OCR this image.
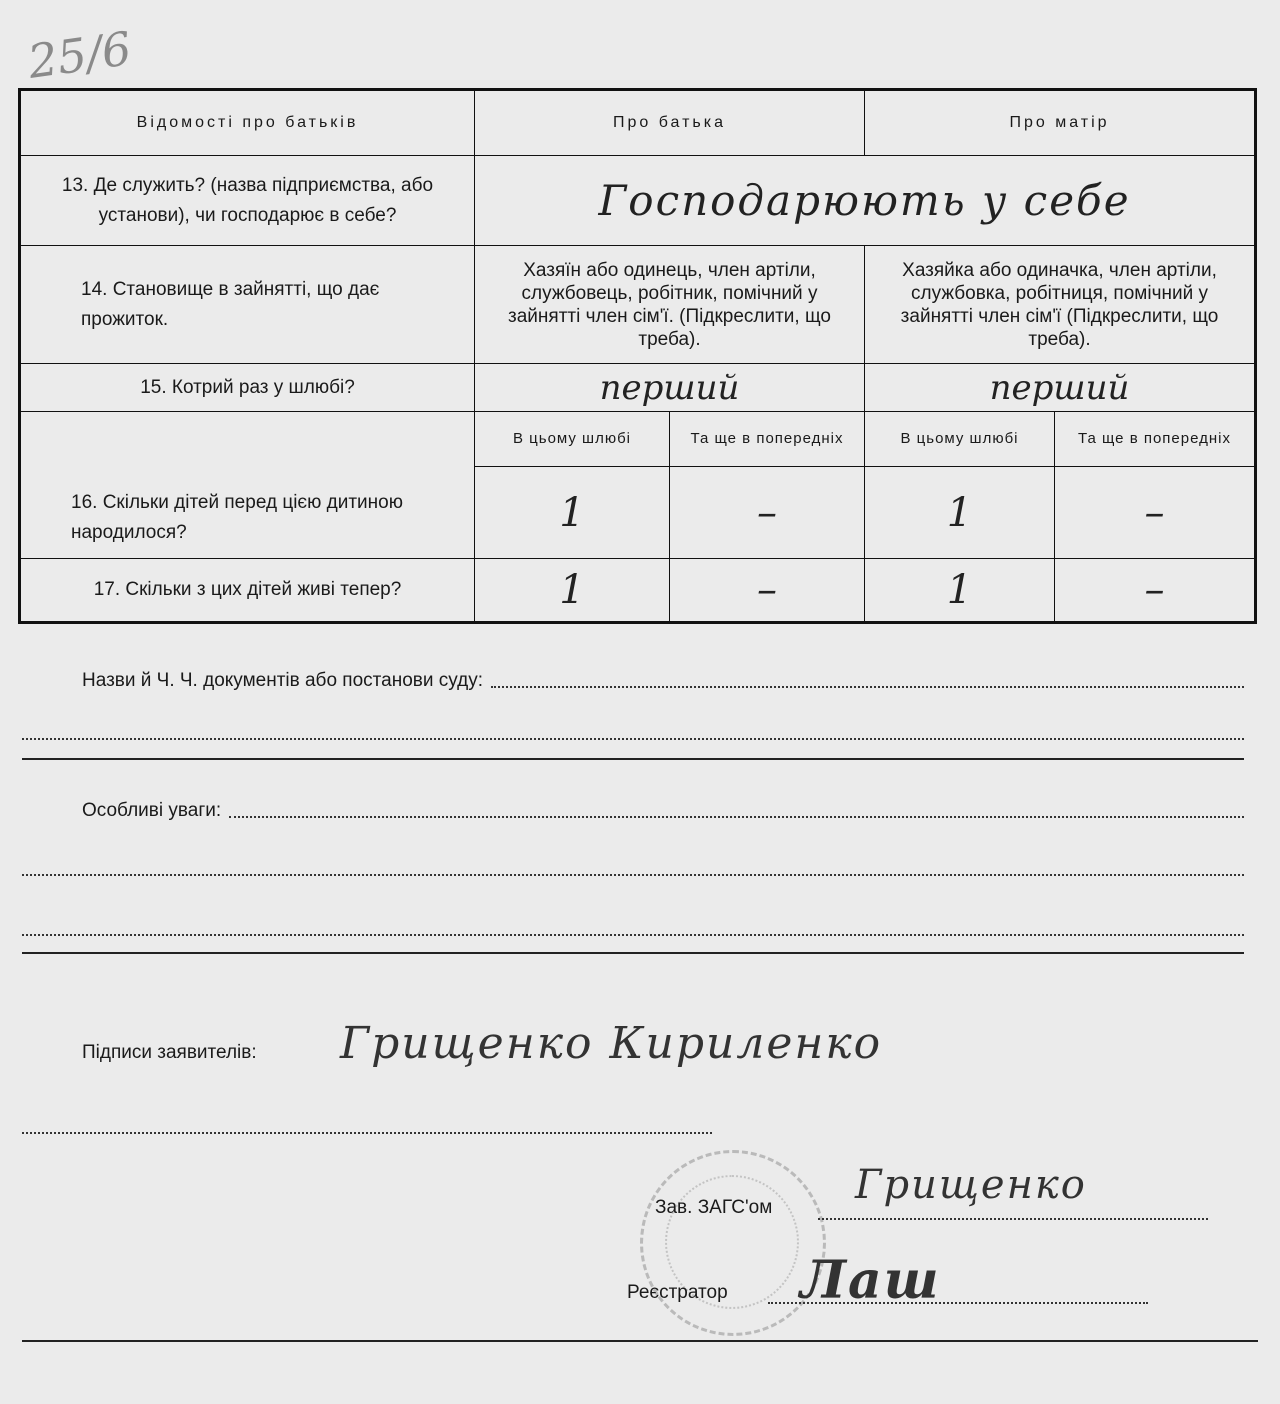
25/6
Відомості про батьків	Про батька		Про матір	
13. Де служить? (назва підприємства, або установи), чи господарює в себе?	Господарюють у себе			
14. Становище в зайнятті, що дає прожиток.	Хазяїн або одинець, член артіли, службовець, робітник, помічний у зайнятті член сім'ї. (Підкреслити, що треба).		Хазяйка або одиначка, член артіли, службовка, робітниця, помічний у зайнятті член сім'ї (Підкреслити, що треба).	
15. Котрий раз у шлюбі?	перший		перший	
16. Скільки дітей перед цією дитиною народилося?	В цьому шлюбі	Та ще в попередніх	В цьому шлюбі	Та ще в попередніх
	1	–	1	–
17. Скільки з цих дітей живі тепер?	1	–	1	–
Назви й Ч. Ч. документів або постанови суду:
Особливі уваги:
Підписи заявителів: Грищенко Кириленко
Зав. ЗАГС'ом Грищенко
Реєстратор Лаш
